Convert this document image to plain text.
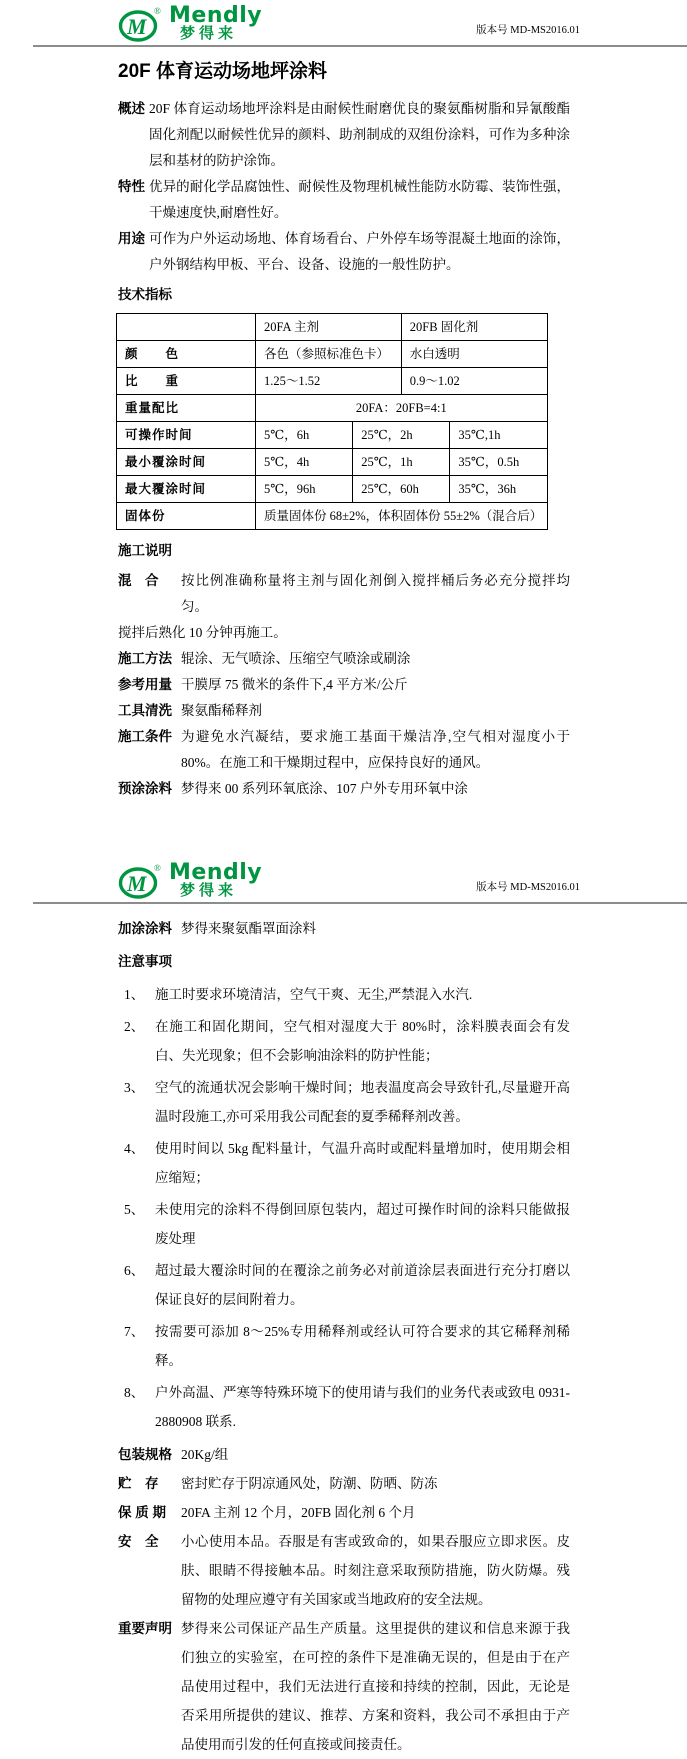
M
® Mendly
梦得来	版本号 MD-MS2016.01
20F 体育运动场地坪涂料
概述 20F 体育运动场地坪涂料是由耐候性耐磨优良的聚氨酯树脂和异氰酸酯固化剂配以耐候性优异的颜料、助剂制成的双组份涂料，可作为多种涂层和基材的防护涂饰。
特性 优异的耐化学品腐蚀性、耐候性及物理机械性能防水防霉、装饰性强，干燥速度快,耐磨性好。
用途 可作为户外运动场地、体育场看台、户外停车场等混凝土地面的涂饰，户外钢结构甲板、平台、设备、设施的一般性防护。
技术指标
	20FA 主剂		20FB 固化剂	
颜　　色	各色（参照标准色卡）		水白透明	
比　　重	1.25～1.52		0.9～1.02	
重量配比	20FA：20FB=4:1			
可操作时间	5℃，6h	25℃，2h		35℃,1h
最小覆涂时间	5℃，4h	25℃，1h		35℃，0.5h
最大覆涂时间	5℃，96h	25℃，60h		35℃，36h
固体份	质量固体份 68±2%，体积固体份 55±2%（混合后）			
施工说明
混　合	按比例准确称量将主剂与固化剂倒入搅拌桶后务必充分搅拌均匀。
搅拌后熟化 10 分钟再施工。
施工方法 辊涂、无气喷涂、压缩空气喷涂或刷涂
参考用量 干膜厚 75 微米的条件下,4 平方米/公斤
工具清洗 聚氨酯稀释剂
施工条件 为避免水汽凝结，要求施工基面干燥洁净,空气相对湿度小于 80%。在施工和干燥期过程中，应保持良好的通风。
预涂涂料 梦得来 00 系列环氧底涂、107 户外专用环氧中涂
M
® Mendly
梦得来	版本号 MD-MS2016.01
加涂涂料 梦得来聚氨酯罩面涂料
注意事项
1、 施工时要求环境清洁，空气干爽、无尘,严禁混入水汽.
2、 在施工和固化期间，空气相对湿度大于 80%时，涂料膜表面会有发白、失光现象；但不会影响油涂料的防护性能；
3、 空气的流通状况会影响干燥时间；地表温度高会导致针孔,尽量避开高温时段施工,亦可采用我公司配套的夏季稀释剂改善。
4、 使用时间以 5kg 配料量计，气温升高时或配料量增加时，使用期会相应缩短；
5、 未使用完的涂料不得倒回原包装内，超过可操作时间的涂料只能做报废处理
6、 超过最大覆涂时间的在覆涂之前务必对前道涂层表面进行充分打磨以保证良好的层间附着力。
7、 按需要可添加 8～25%专用稀释剂或经认可符合要求的其它稀释剂稀释。
8、 户外高温、严寒等特殊环境下的使用请与我们的业务代表或致电 0931-2880908 联系.
包装规格 20Kg/组
贮　存	密封贮存于阴凉通风处，防潮、防晒、防冻
保 质 期	20FA 主剂 12 个月，20FB 固化剂 6 个月
安　全	小心使用本品。吞服是有害或致命的，如果吞服应立即求医。皮肤、眼睛不得接触本品。时刻注意采取预防措施，防火防爆。残留物的处理应遵守有关国家或当地政府的安全法规。
重要声明 梦得来公司保证产品生产质量。这里提供的建议和信息来源于我们独立的实验室，在可控的条件下是准确无误的，但是由于在产品使用过程中，我们无法进行直接和持续的控制，因此，无论是否采用所提供的建议、推荐、方案和资料，我公司不承担由于产品使用而引发的任何直接或间接责任。
